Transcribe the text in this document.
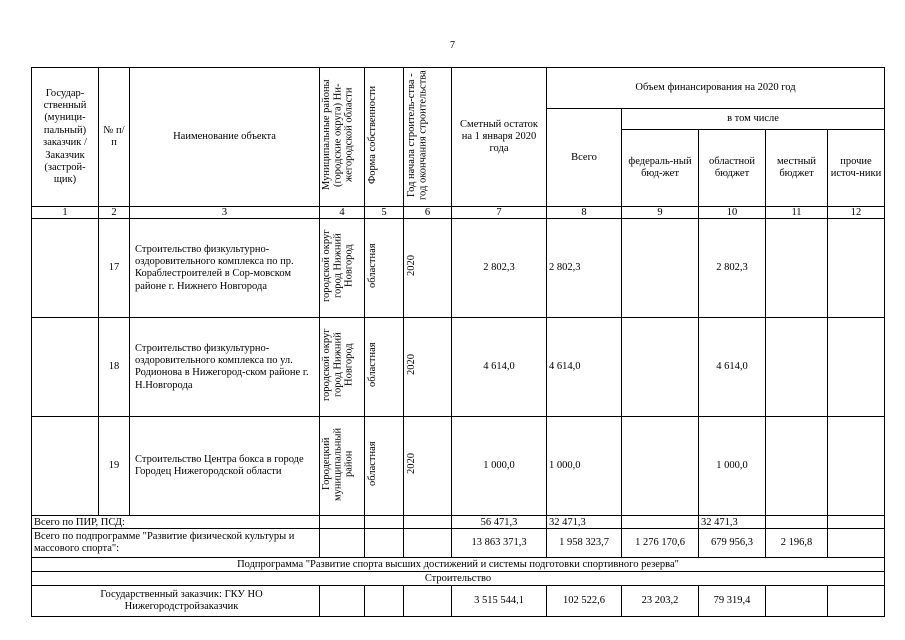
7
Государ-ственный (муници-пальный) заказчик / Заказчик (застрой-щик)	№ п/п	Наименование объекта	Муниципальные районы (городские округа) Ни-жегородской области	Форма собственности	Год начала строитель-ства - год окончания строительства	Сметный остаток на 1 января 2020 года	Объем финансирования на 2020 год				
							Всего	в том числе			
								федераль-ный бюд-жет	областной бюджет	местный бюджет	прочие источ-ники
1	2	3	4	5	6	7	8	9	10	11	12
	17	Строительство физкультурно-оздоровительного комплекса по пр. Кораблестроителей в Сор-мовском районе г. Нижнего Новгорода	городской округ город Нижний Новгород	областная	2020	2 802,3	2 802,3		2 802,3		
	18	Строительство физкультурно-оздоровительного комплекса по ул. Родионова в Нижегород-ском районе г. Н.Новгорода	городской округ город Нижний Новгород	областная	2020	4 614,0	4 614,0		4 614,0		
	19	Строительство Центра бокса в городе Городец Нижегородской области	Городецкий муниципальный район	областная	2020	1 000,0	1 000,0		1 000,0		
Всего по ПИР, ПСД:						56 471,3	32 471,3		32 471,3		
Всего по подпрограмме "Развитие физической культуры и массового спорта":						13 863 371,3	1 958 323,7	1 276 170,6	679 956,3	2 196,8	
Подпрограмма "Развитие спорта высших достижений и системы подготовки спортивного резерва"											
Строительство											
Государственный заказчик: ГКУ НО Нижегородстройзаказчик						3 515 544,1	102 522,6	23 203,2	79 319,4		
